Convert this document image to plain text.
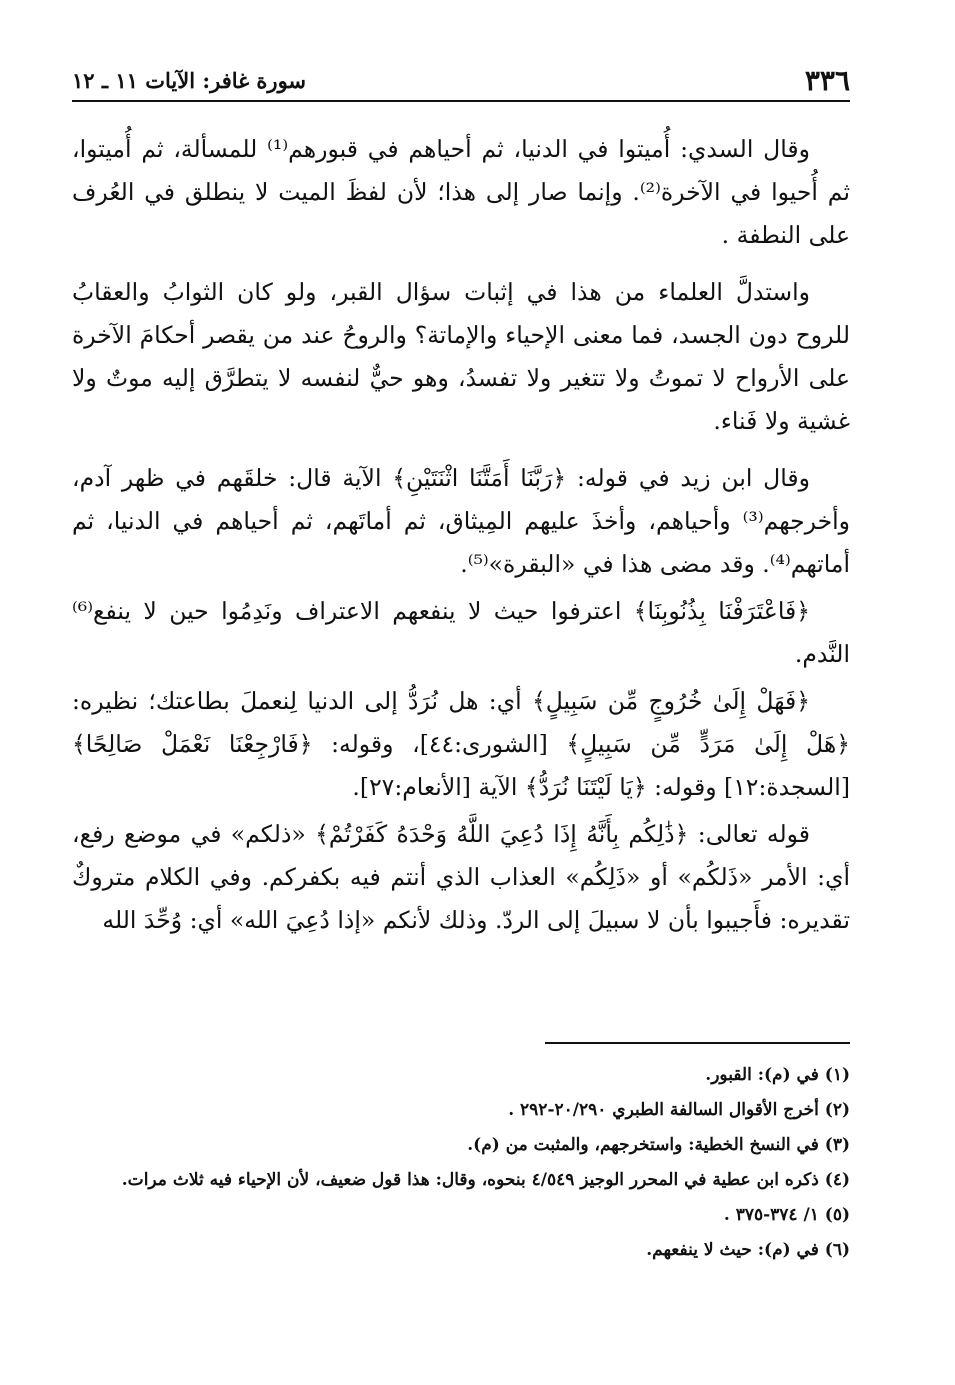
٣٣٦
سورة غافر: الآيات ١١ ـ ١٢

وقال السدي: أُميتوا في الدنيا، ثم أحياهم في قبورهم⁽¹⁾ للمسألة، ثم أُميتوا، ثم أُحيوا في الآخرة⁽²⁾. وإنما صار إلى هذا؛ لأن لفظَ الميت لا ينطلق في العُرف على النطفة .

واستدلَّ العلماء من هذا في إثبات سؤال القبر، ولو كان الثوابُ والعقابُ للروح دون الجسد، فما معنى الإحياء والإماتة؟ والروحُ عند من يقصر أحكامَ الآخرة على الأرواح لا تموتُ ولا تتغير ولا تفسدُ، وهو حيٌّ لنفسه لا يتطرَّق إليه موتٌ ولا غشية ولا فَناء.

وقال ابن زيد في قوله: ﴿رَبَّنَا أَمَتَّنَا اثْنَتَيْنِ﴾ الآية قال: خلقَهم في ظهر آدم، وأخرجهم⁽³⁾ وأحياهم، وأخذَ عليهم المِيثاق، ثم أماتَهم، ثم أحياهم في الدنيا، ثم أماتهم⁽⁴⁾. وقد مضى هذا في «البقرة»⁽⁵⁾.

﴿فَاعْتَرَفْنَا بِذُنُوبِنَا﴾ اعترفوا حيث لا ينفعهم الاعتراف ونَدِمُوا حين لا ينفع⁽⁶⁾ النَّدم.

﴿فَهَلْ إِلَىٰ خُرُوجٍ مِّن سَبِيلٍ﴾ أي: هل نُرَدُّ إلى الدنيا لِنعملَ بطاعتك؛ نظيره: ﴿هَلْ إِلَىٰ مَرَدٍّ مِّن سَبِيلٍ﴾ [الشورى:٤٤]، وقوله: ﴿فَارْجِعْنَا نَعْمَلْ صَالِحًا﴾ [السجدة:١٢] وقوله: ﴿يَا لَيْتَنَا نُرَدُّ﴾ الآية [الأنعام:٢٧].

قوله تعالى: ﴿ذَٰلِكُم بِأَنَّهُ إِذَا دُعِيَ اللَّهُ وَحْدَهُ كَفَرْتُمْ﴾ «ذلكم» في موضع رفع، أي: الأمر «ذَلكُم» أو «ذَلِكُم» العذاب الذي أنتم فيه بكفركم. وفي الكلام متروكٌ تقديره: فأَجيبوا بأن لا سبيلَ إلى الردّ. وذلك لأنكم «إذا دُعِيَ الله» أي: وُحِّدَ الله

(١) في (م): القبور.
(٢) أخرج الأقوال السالفة الطبري ٢٠/٢٩٠-٢٩٢ .
(٣) في النسخ الخطية: واستخرجهم، والمثبت من (م).
(٤) ذكره ابن عطية في المحرر الوجيز ٤/٥٤٩ بنحوه، وقال: هذا قول ضعيف، لأن الإحياء فيه ثلاث مرات.
(٥) ١/ ٣٧٤-٣٧٥ .
(٦) في (م): حيث لا ينفعهم.
